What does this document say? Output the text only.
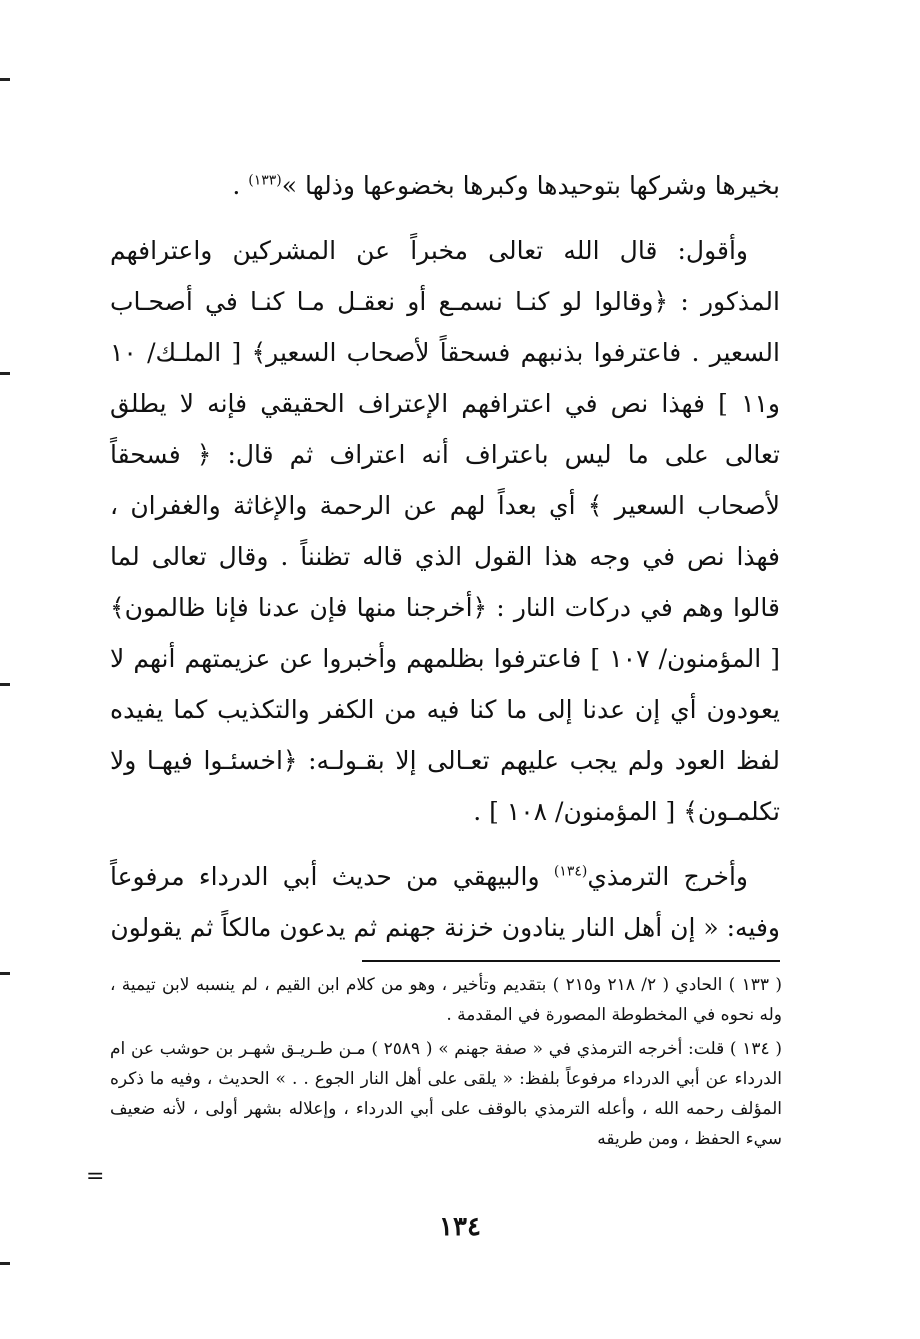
بخيرها وشركها بتوحيدها وكبرها بخضوعها وذلها »$^{(١٣٣)}$ .

وأقول: قال الله تعالى مخبراً عن المشركين واعترافهم المذكور : ﴿وقالوا لو كنـا نسمـع أو نعقـل مـا كنـا في أصحـاب السعير . فاعترفوا بذنبهم فسحقاً لأصحاب السعير﴾ [ الملـك/ ١٠ و١١ ] فهذا نص في اعترافهم الإعتراف الحقيقي فإنه لا يطلق تعالى على ما ليس باعتراف أنه اعتراف ثم قال: ﴿ فسحقاً لأصحاب السعير ﴾ أي بعداً لهم عن الرحمة والإغاثة والغفران ، فهذا نص في وجه هذا القول الذي قاله تظنناً . وقال تعالى لما قالوا وهم في دركات النار : ﴿أخرجنا منها فإن عدنا فإنا ظالمون﴾ [ المؤمنون/ ١٠٧ ] فاعترفوا بظلمهم وأخبروا عن عزيمتهم أنهم لا يعودون أي إن عدنا إلى ما كنا فيه من الكفر والتكذيب كما يفيده لفظ العود ولم يجب عليهم تعـالى إلا بقـولـه: ﴿اخسئـوا فيهـا ولا تكلمـون﴾ [ المؤمنون/ ١٠٨ ] .

وأخرج الترمذي$^{(١٣٤)}$ والبيهقي من حديث أبي الدرداء مرفوعاً وفيه: « إن أهل النار ينادون خزنة جهنم ثم يدعون مالكاً ثم يقولون

( ١٣٣ ) الحادي ( ٢/ ٢١٨ و٢١٥ ) بتقديم وتأخير ، وهو من كلام ابن القيم ، لم ينسبه لابن تيمية ، وله نحوه في المخطوطة المصورة في المقدمة .

( ١٣٤ ) قلت: أخرجه الترمذي في « صفة جهنم » ( ٢٥٨٩ ) مـن طـريـق شهـر بن حوشب عن ام الدرداء عن أبي الدرداء مرفوعاً بلفظ: « يلقى على أهل النار الجوع . . » الحديث ، وفيه ما ذكره المؤلف رحمه الله ، وأعله الترمذي بالوقف على أبي الدرداء ، وإعلاله بشهر أولى ، لأنه ضعيف سيء الحفظ ، ومن طريقه

=
١٣٤
